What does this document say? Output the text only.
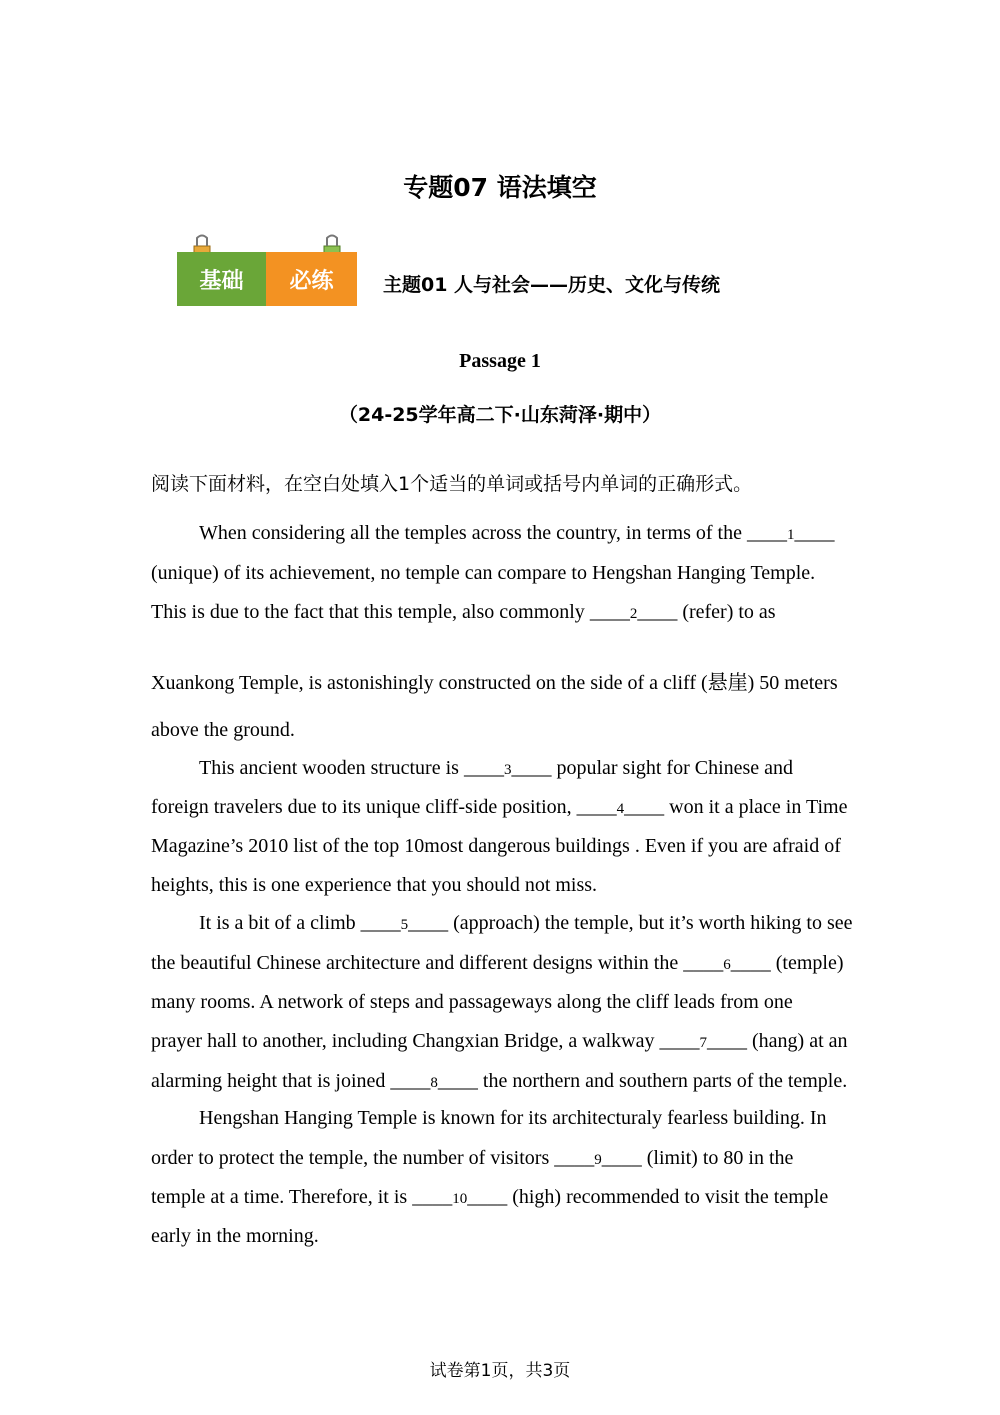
专题07 语法填空
基础	必练	主题01 人与社会——历史、文化与传统
Passage 1
（24-25学年高二下·山东菏泽·期中）
阅读下面材料，在空白处填入1个适当的单词或括号内单词的正确形式。
When considering all the temples across the country, in terms of the ____1____
(unique) of its achievement, no temple can compare to Hengshan Hanging Temple.
This is due to the fact that this temple, also commonly ____2____ (refer) to as
Xuankong Temple, is astonishingly constructed on the side of a cliff (悬崖) 50 meters
above the ground.
This ancient wooden structure is ____3____ popular sight for Chinese and
foreign travelers due to its unique cliff-side position, ____4____ won it a place in Time
Magazine’s 2010 list of the top 10most dangerous buildings . Even if you are afraid of
heights, this is one experience that you should not miss.
It is a bit of a climb ____5____ (approach) the temple, but it’s worth hiking to see
the beautiful Chinese architecture and different designs within the ____6____ (temple)
many rooms. A network of steps and passageways along the cliff leads from one
prayer hall to another, including Changxian Bridge, a walkway ____7____ (hang) at an
alarming height that is joined ____8____ the northern and southern parts of the temple.
Hengshan Hanging Temple is known for its architecturaly fearless building. In
order to protect the temple, the number of visitors ____9____ (limit) to 80 in the
temple at a time. Therefore, it is ____10____ (high) recommended to visit the temple
early in the morning.
试卷第1页，共3页
